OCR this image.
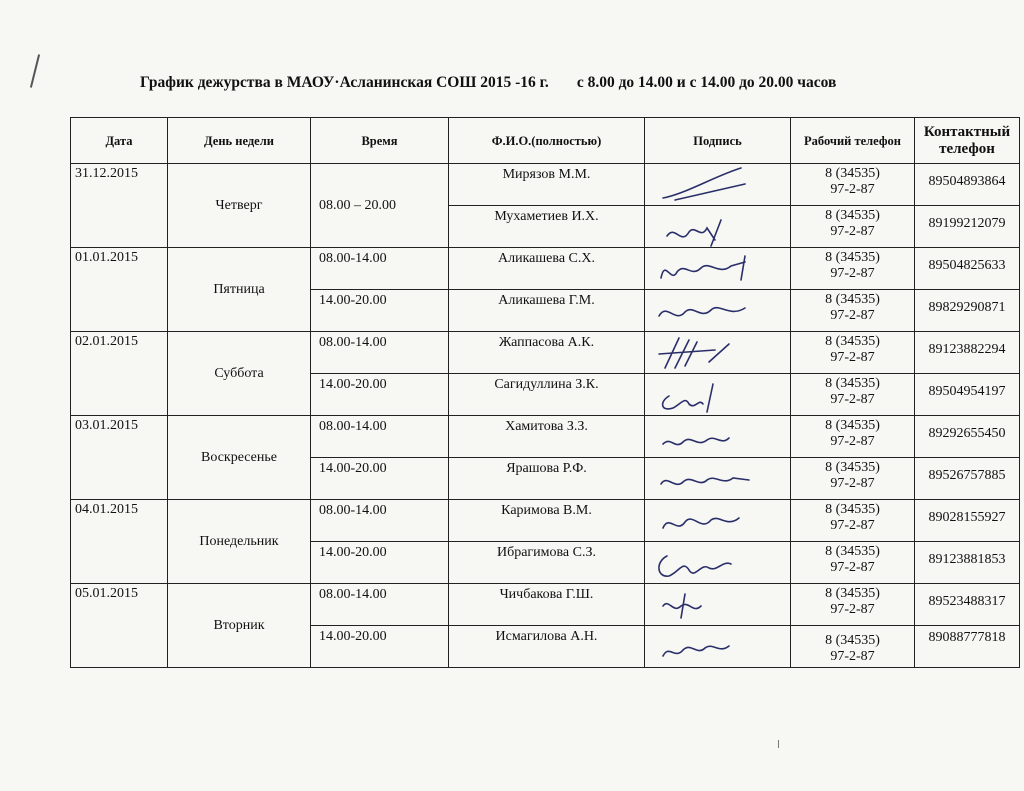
График дежурства в МАОУ·Асланинская СОШ 2015 -16 г. с 8.00 до 14.00 и с 14.00 до 20.00 часов
Дата	День недели	Время	Ф.И.О.(полностью)	Подпись	Рабочий телефон	Контактный телефон
31.12.2015	Четверг	08.00 – 20.00	Мирязов М.М.		8 (34535)
97-2-87	89504893864
			Мухаметиев И.Х.		8 (34535)
97-2-87	89199212079
01.01.2015	Пятница	08.00-14.00	Аликашева С.Х.		8 (34535)
97-2-87	89504825633
		14.00-20.00	Аликашева Г.М.		8 (34535)
97-2-87	89829290871
02.01.2015	Суббота	08.00-14.00	Жаппасова А.К.		8 (34535)
97-2-87	89123882294
		14.00-20.00	Сагидуллина З.К.		8 (34535)
97-2-87	89504954197
03.01.2015	Воскресенье	08.00-14.00	Хамитова З.З.		8 (34535)
97-2-87	89292655450
		14.00-20.00	Ярашова Р.Ф.		8 (34535)
97-2-87	89526757885
04.01.2015	Понедельник	08.00-14.00	Каримова В.М.		8 (34535)
97-2-87	89028155927
		14.00-20.00	Ибрагимова С.З.		8 (34535)
97-2-87	89123881853
05.01.2015	Вторник	08.00-14.00	Чичбакова Г.Ш.		8 (34535)
97-2-87	89523488317
		14.00-20.00	Исмагилова А.Н.		8 (34535)
97-2-87	89088777818
